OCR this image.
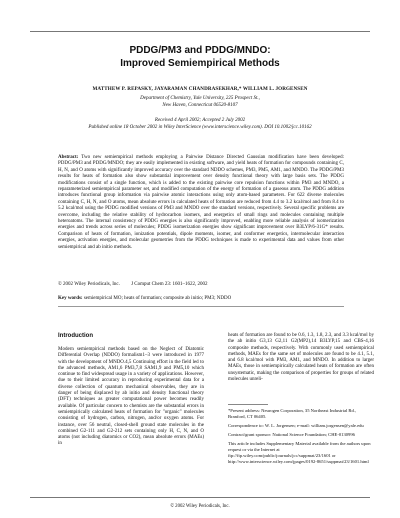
PDDG/PM3 and PDDG/MNDO:
Improved Semiempirical Methods
MATTHEW P. REPASKY, JAYARAMAN CHANDRASEKHAR,* WILLIAM L. JORGENSEN
Department of Chemistry, Yale University, 225 Prospect St.,
New Haven, Connecticut 06520-8107
Received 4 April 2002; Accepted 2 July 2002
Published online 18 October 2002 in Wiley InterScience (www.interscience.wiley.com). DOI 10.1002/jcc.10162
Abstract: Two new semiempirical methods employing a Pairwise Distance Directed Gaussian modification have been developed: PDDG/PM3 and PDDG/MNDO; they are easily implemented in existing software, and yield heats of formation for compounds containing C, H, N, and O atoms with significantly improved accuracy over the standard NDDO schemes, PM3, PM5, AM1, and MNDO. The PDDG/PM3 results for heats of formation also show substantial improvement over density functional theory with large basis sets. The PDDG modifications consist of a single function, which is added to the existing pairwise core repulsion functions within PM3 and MNDO, a reparameterized semiempirical parameter set, and modified computation of the energy of formation of a gaseous atom. The PDDG addition introduces functional group information via pairwise atomic interactions using only atom-based parameters. For 622 diverse molecules containing C, H, N, and O atoms, mean absolute errors in calculated heats of formation are reduced from 4.4 to 3.2 kcal/mol and from 8.4 to 5.2 kcal/mol using the PDDG modified versions of PM3 and MNDO over the standard versions, respectively. Several specific problems are overcome, including the relative stability of hydrocarbon isomers, and energetics of small rings and molecules containing multiple heteroatoms. The internal consistency of PDDG energies is also significantly improved, enabling more reliable analysis of isomerization energies and trends across series of molecules; PDDG isomerization energies show significant improvement over B3LYP/6-31G* results. Comparison of heats of formation, ionization potentials, dipole moments, isomer, and conformer energetics, intermolecular interaction energies, activation energies, and molecular geometries from the PDDG techniques is made to experimental data and values from other semiempirical and ab initio methods.
© 2002 Wiley Periodicals, Inc. J Comput Chem 23: 1601–1622, 2002
Key words: semiempirical MO; heats of formation; composite ab initio; PM3; NDDO
Introduction
Modern semiempirical methods based on the Neglect of Diatomic Differential Overlap (NDDO) formalism1–3 were introduced in 1977 with the development of MNDO.4,5 Continuing effort in the field led to the advanced methods, AM1,6 PM3,7,8 SAM1,9 and PM5,10 which continue to find widespread usage in a variety of applications. However, due to their limited accuracy in reproducing experimental data for a diverse collection of quantum mechanical observables, they are in danger of being displaced by ab initio and density functional theory (DFT) techniques as greater computational power becomes readily available. Of particular concern to chemists are the substantial errors in semiempirically calculated heats of formation for "organic" molecules consisting of hydrogen, carbon, nitrogen, and/or oxygen atoms. For instance, over 56 neutral, closed-shell ground state molecules in the combined G2-111 and G2-212 sets containing only H, C, N, and O atoms (not including diatomics or CO2), mean absolute errors (MAEs) in
heats of formation are found to be 0.6, 1.3, 1.8, 2.3, and 3.3 kcal/mol by the ab initio G3,13 G2,11 G2(MP2),14 B3LYP,15 and CBS-4,16 composite methods, respectively. With commonly used semiempirical methods, MAEs for the same set of molecules are found to be 4.1, 5.1, and 6.8 kcal/mol with PM3, AM1, and MNDO. In addition to larger MAEs, those in semiempirically calculated heats of formation are often unsystematic, making the comparison of properties for groups of related molecules unreli-

*Present address: Neurogen Corporation, 35 Northeast Industrial Rd., Branford, CT 06405.

Correspondence to: W. L. Jorgensen; e-mail: william.jorgensen@yale.edu

Contract/grant sponsor: National Science Foundation; CHE-0130996

This article includes Supplementary Material available from the authors upon request or via the Internet at ftp://ftp.wiley.com/public/journals/jcc/suppmat/23/1601 or http://www.interscience.wiley.com/jpages/0192-8651/suppmat/23/1601.html

© 2002 Wiley Periodicals, Inc.
